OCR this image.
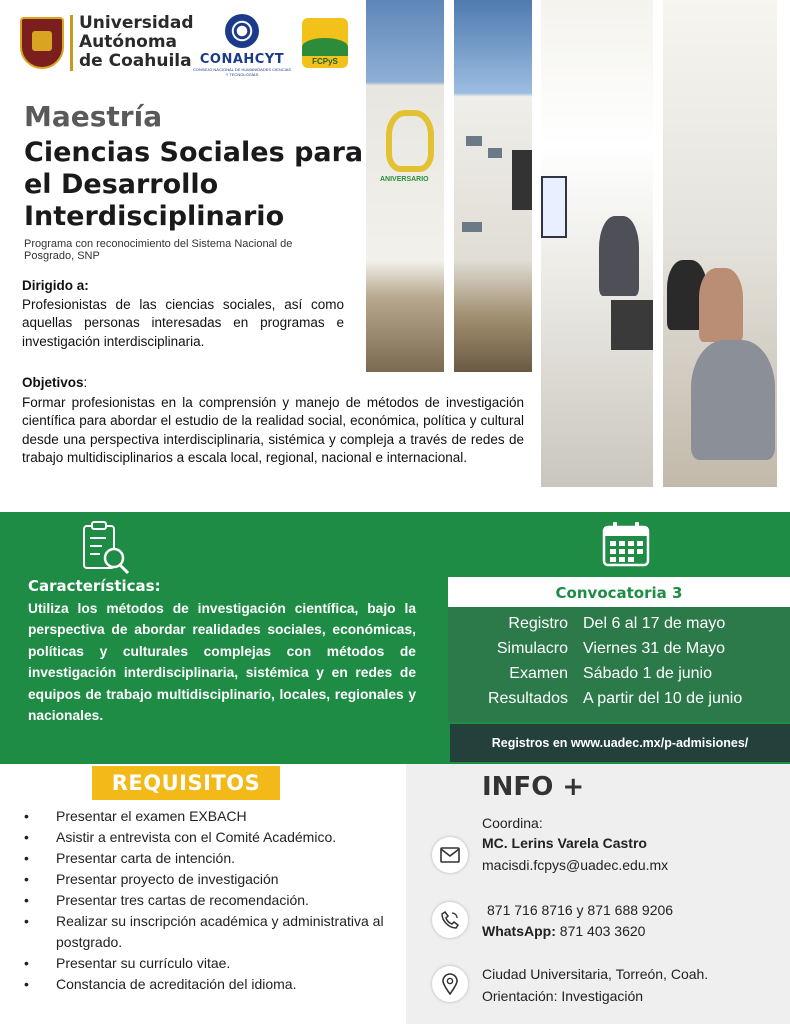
Universidad
Autónoma
de Coahuila CONAHCYT
CONSEJO NACIONAL DE HUMANIDADES CIENCIAS Y TECNOLOGÍAS
FCPyS
Maestría
Ciencias Sociales para el Desarrollo Interdisciplinario
Programa con reconocimiento del Sistema Nacional de Posgrado, SNP
ANIVERSARIO
Dirigido a:
Profesionistas de las ciencias sociales, así como aquellas personas interesadas en programas e investigación interdisciplinaria.
Objetivos:
Formar profesionistas en la comprensión y manejo de métodos de investigación científica para abordar el estudio de la realidad social, económica, política y cultural desde una perspectiva interdisciplinaria, sistémica y compleja a través de redes de trabajo multidisciplinarios a escala local, regional, nacional e internacional.
Características:
Utiliza los métodos de investigación científica, bajo la perspectiva de abordar realidades sociales, económicas, políticas y culturales complejas con métodos de investigación interdisciplinaria, sistémica y en redes de equipos de trabajo multidisciplinario, locales, regionales y nacionales.
Convocatoria 3
Registro Del 6 al 17 de mayo
Simulacro Viernes 31 de Mayo
Examen Sábado 1 de junio
Resultados A partir del 10 de junio
Registros en www.uadec.mx/p-admisiones/
REQUISITOS
• Presentar el examen EXBACH
• Asistir a entrevista con el Comité Académico.
• Presentar carta de intención.
• Presentar proyecto de investigación
• Presentar tres cartas de recomendación.
• Realizar su inscripción académica y administrativa al postgrado.
• Presentar su currículo vitae.
• Constancia de acreditación del idioma.
INFO +
Coordina:
MC. Lerins Varela Castro
macisdi.fcpys@uadec.edu.mx
871 716 8716 y 871 688 9206
WhatsApp: 871 403 3620
Ciudad Universitaria, Torreón, Coah.
Orientación: Investigación
